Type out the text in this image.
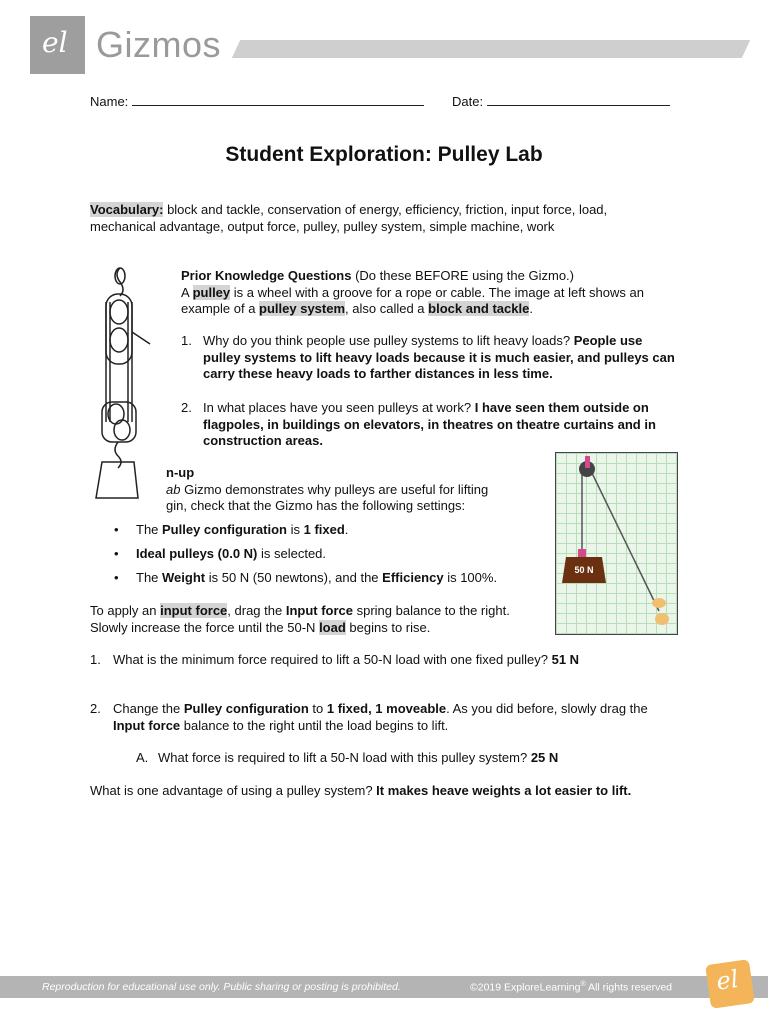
el Gizmos
Name:	Date:
Student Exploration: Pulley Lab
Vocabulary: block and tackle, conservation of energy, efficiency, friction, input force, load, mechanical advantage, output force, pulley, pulley system, simple machine, work

Prior Knowledge Questions (Do these BEFORE using the Gizmo.)

A pulley is a wheel with a groove for a rope or cable. The image at left shows an example of a pulley system, also called a block and tackle.

1. Why do you think people use pulley systems to lift heavy loads? People use pulley systems to lift heavy loads because it is much easier, and pulleys can carry these heavy loads to farther distances in less time.
2. In what places have you seen pulleys at work? I have seen them outside on flagpoles, in buildings on elevators, in theatres on theatre curtains and in construction areas.

n-up

ab Gizmo demonstrates why pulleys are useful for lifting

gin, check that the Gizmo has the following settings:

• The Pulley configuration is 1 fixed.
• Ideal pulleys (0.0 N) is selected.
• The Weight is 50 N (50 newtons), and the Efficiency is 100%.
To apply an input force, drag the Input force spring balance to the right. Slowly increase the force until the 50-N load begins to rise.
50 N
1. What is the minimum force required to lift a 50-N load with one fixed pulley? 51 N
2. Change the Pulley configuration to 1 fixed, 1 moveable. As you did before, slowly drag the Input force balance to the right until the load begins to lift.
A. What force is required to lift a 50-N load with this pulley system? 25 N
What is one advantage of using a pulley system? It makes heave weights a lot easier to lift.
Reproduction for educational use only. Public sharing or posting is prohibited.	©2019 ExploreLearning® All rights reserved el
